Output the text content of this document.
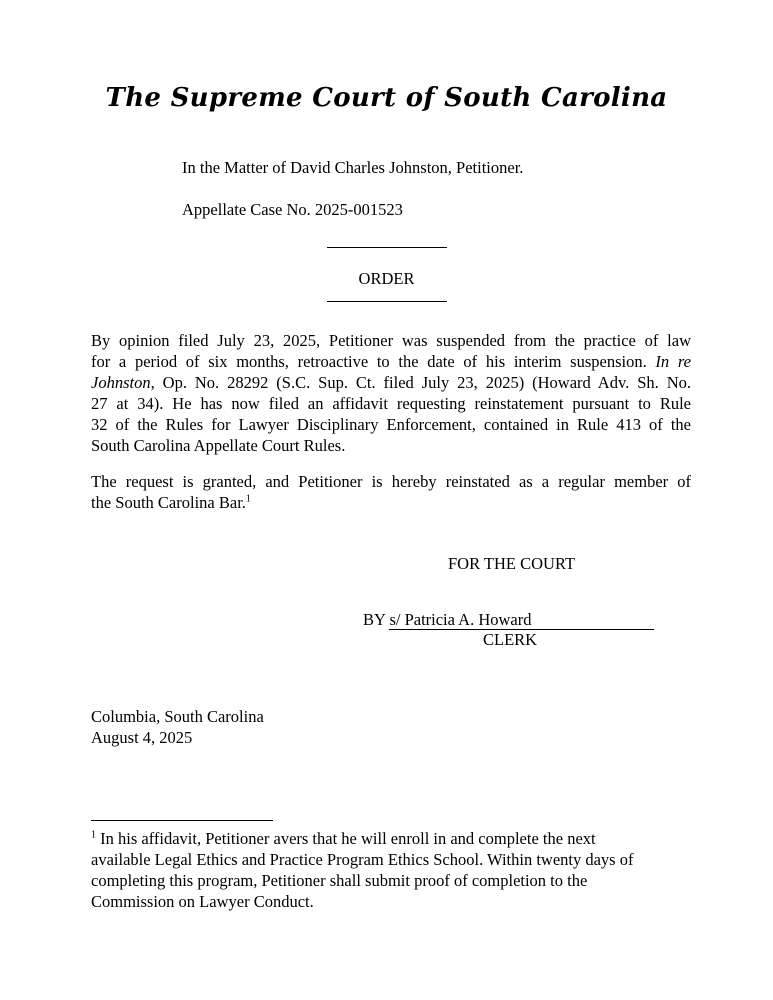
The Supreme Court of South Carolina
In the Matter of David Charles Johnston, Petitioner.
Appellate Case No. 2025-001523
ORDER
By opinion filed July 23, 2025, Petitioner was suspended from the practice of law
for a period of six months, retroactive to the date of his interim suspension. In re
Johnston, Op. No. 28292 (S.C. Sup. Ct. filed July 23, 2025) (Howard Adv. Sh. No.
27 at 34). He has now filed an affidavit requesting reinstatement pursuant to Rule
32 of the Rules for Lawyer Disciplinary Enforcement, contained in Rule 413 of the
South Carolina Appellate Court Rules.
The request is granted, and Petitioner is hereby reinstated as a regular member of
the South Carolina Bar.$^1$
FOR THE COURT
BY s/ Patricia A. Howard
CLERK
Columbia, South Carolina
August 4, 2025
$^1$ In his affidavit, Petitioner avers that he will enroll in and complete the next
available Legal Ethics and Practice Program Ethics School. Within twenty days of
completing this program, Petitioner shall submit proof of completion to the
Commission on Lawyer Conduct.
